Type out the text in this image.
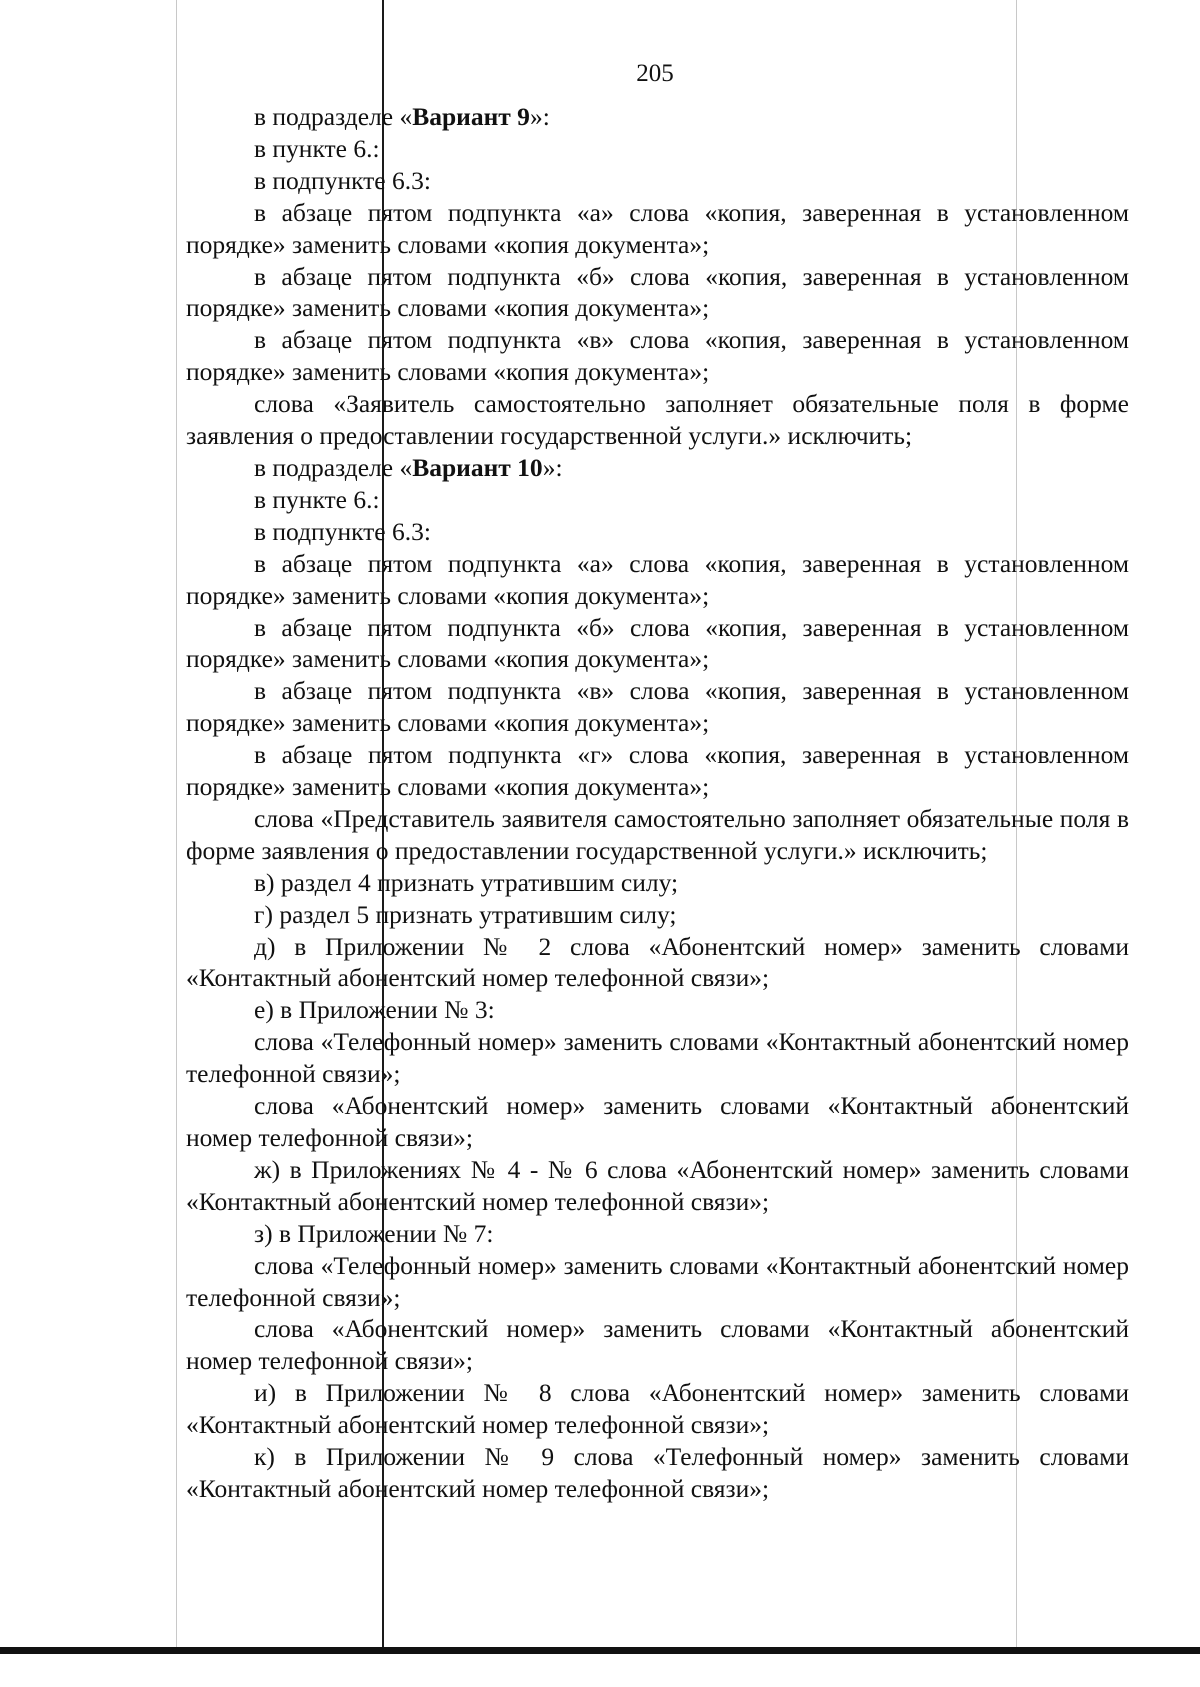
205

в подразделе «Вариант 9»:

в пункте 6.:

в подпункте 6.3:

в абзаце пятом подпункта «а» слова «копия, заверенная в установленном порядке» заменить словами «копия документа»;

в абзаце пятом подпункта «б» слова «копия, заверенная в установленном порядке» заменить словами «копия документа»;

в абзаце пятом подпункта «в» слова «копия, заверенная в установленном порядке» заменить словами «копия документа»;

слова «Заявитель самостоятельно заполняет обязательные поля в форме заявления о предоставлении государственной услуги.» исключить;

в подразделе «Вариант 10»:

в пункте 6.:

в подпункте 6.3:

в абзаце пятом подпункта «а» слова «копия, заверенная в установленном порядке» заменить словами «копия документа»;

в абзаце пятом подпункта «б» слова «копия, заверенная в установленном порядке» заменить словами «копия документа»;

в абзаце пятом подпункта «в» слова «копия, заверенная в установленном порядке» заменить словами «копия документа»;

в абзаце пятом подпункта «г» слова «копия, заверенная в установленном порядке» заменить словами «копия документа»;

слова «Представитель заявителя самостоятельно заполняет обязательные поля в форме заявления о предоставлении государственной услуги.» исключить;

в) раздел 4 признать утратившим силу;

г) раздел 5 признать утратившим силу;

д) в Приложении № 2 слова «Абонентский номер» заменить словами «Контактный абонентский номер телефонной связи»;

е) в Приложении № 3:

слова «Телефонный номер» заменить словами «Контактный абонентский номер телефонной связи»;

слова «Абонентский номер» заменить словами «Контактный абонентский номер телефонной связи»;

ж) в Приложениях № 4 - № 6 слова «Абонентский номер» заменить словами «Контактный абонентский номер телефонной связи»;

з) в Приложении № 7:

слова «Телефонный номер» заменить словами «Контактный абонентский номер телефонной связи»;

слова «Абонентский номер» заменить словами «Контактный абонентский номер телефонной связи»;

и) в Приложении № 8 слова «Абонентский номер» заменить словами «Контактный абонентский номер телефонной связи»;

к) в Приложении № 9 слова «Телефонный номер» заменить словами «Контактный абонентский номер телефонной связи»;
